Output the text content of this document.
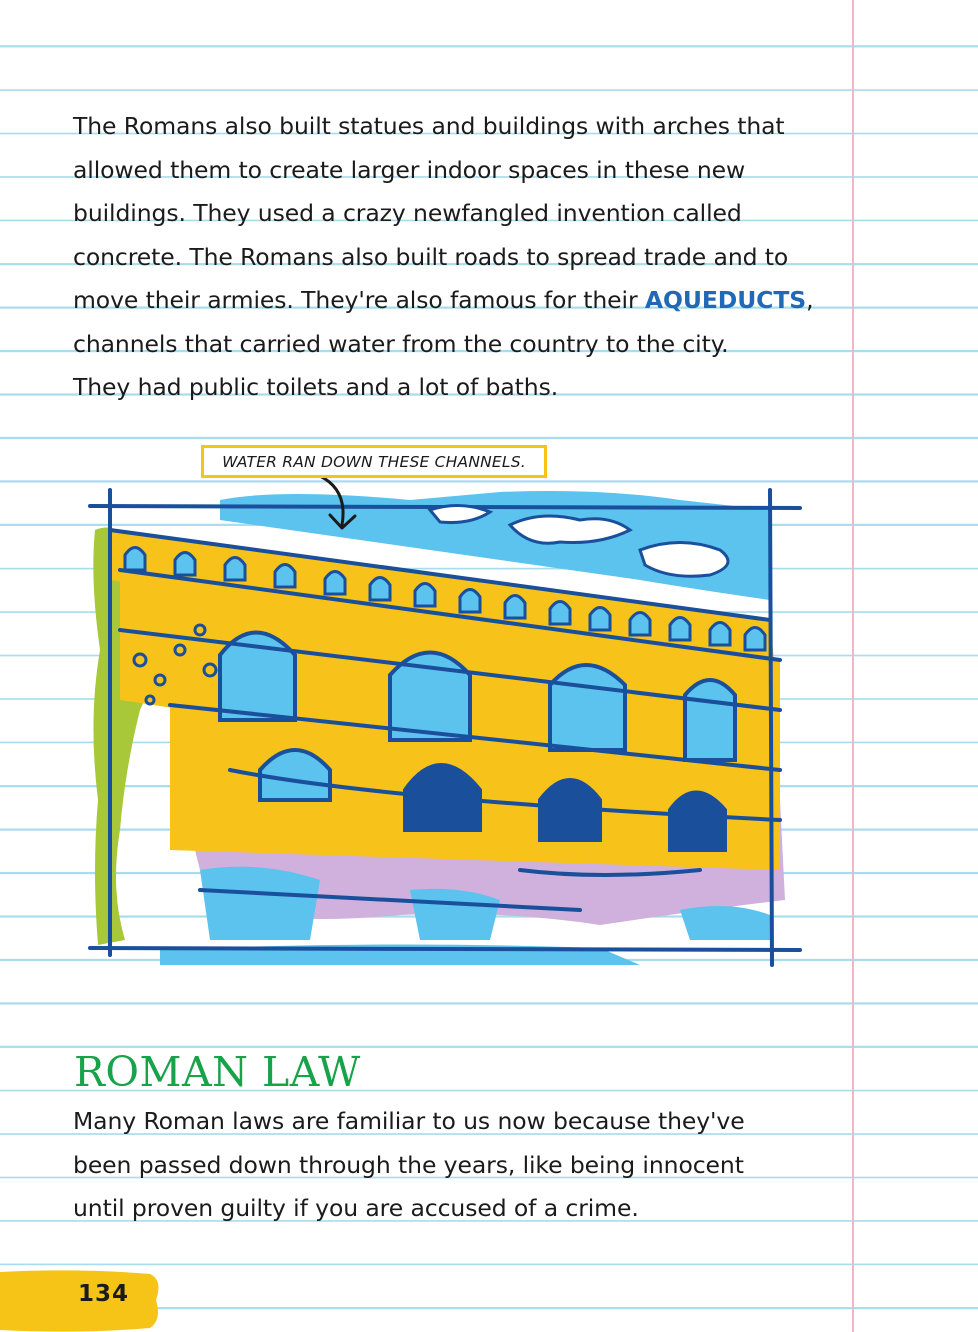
The Romans also built statues and buildings with arches that
allowed them to create larger indoor spaces in these new
buildings. They used a crazy newfangled invention called
concrete. The Romans also built roads to spread trade and to
move their armies. They're also famous for their AQUEDUCTS,
channels that carried water from the country to the city.
They had public toilets and a lot of baths.

WATER RAN DOWN THESE CHANNELS.
ROMAN LAW

Many Roman laws are familiar to us now because they've
been passed down through the years, like being innocent
until proven guilty if you are accused of a crime.

134
